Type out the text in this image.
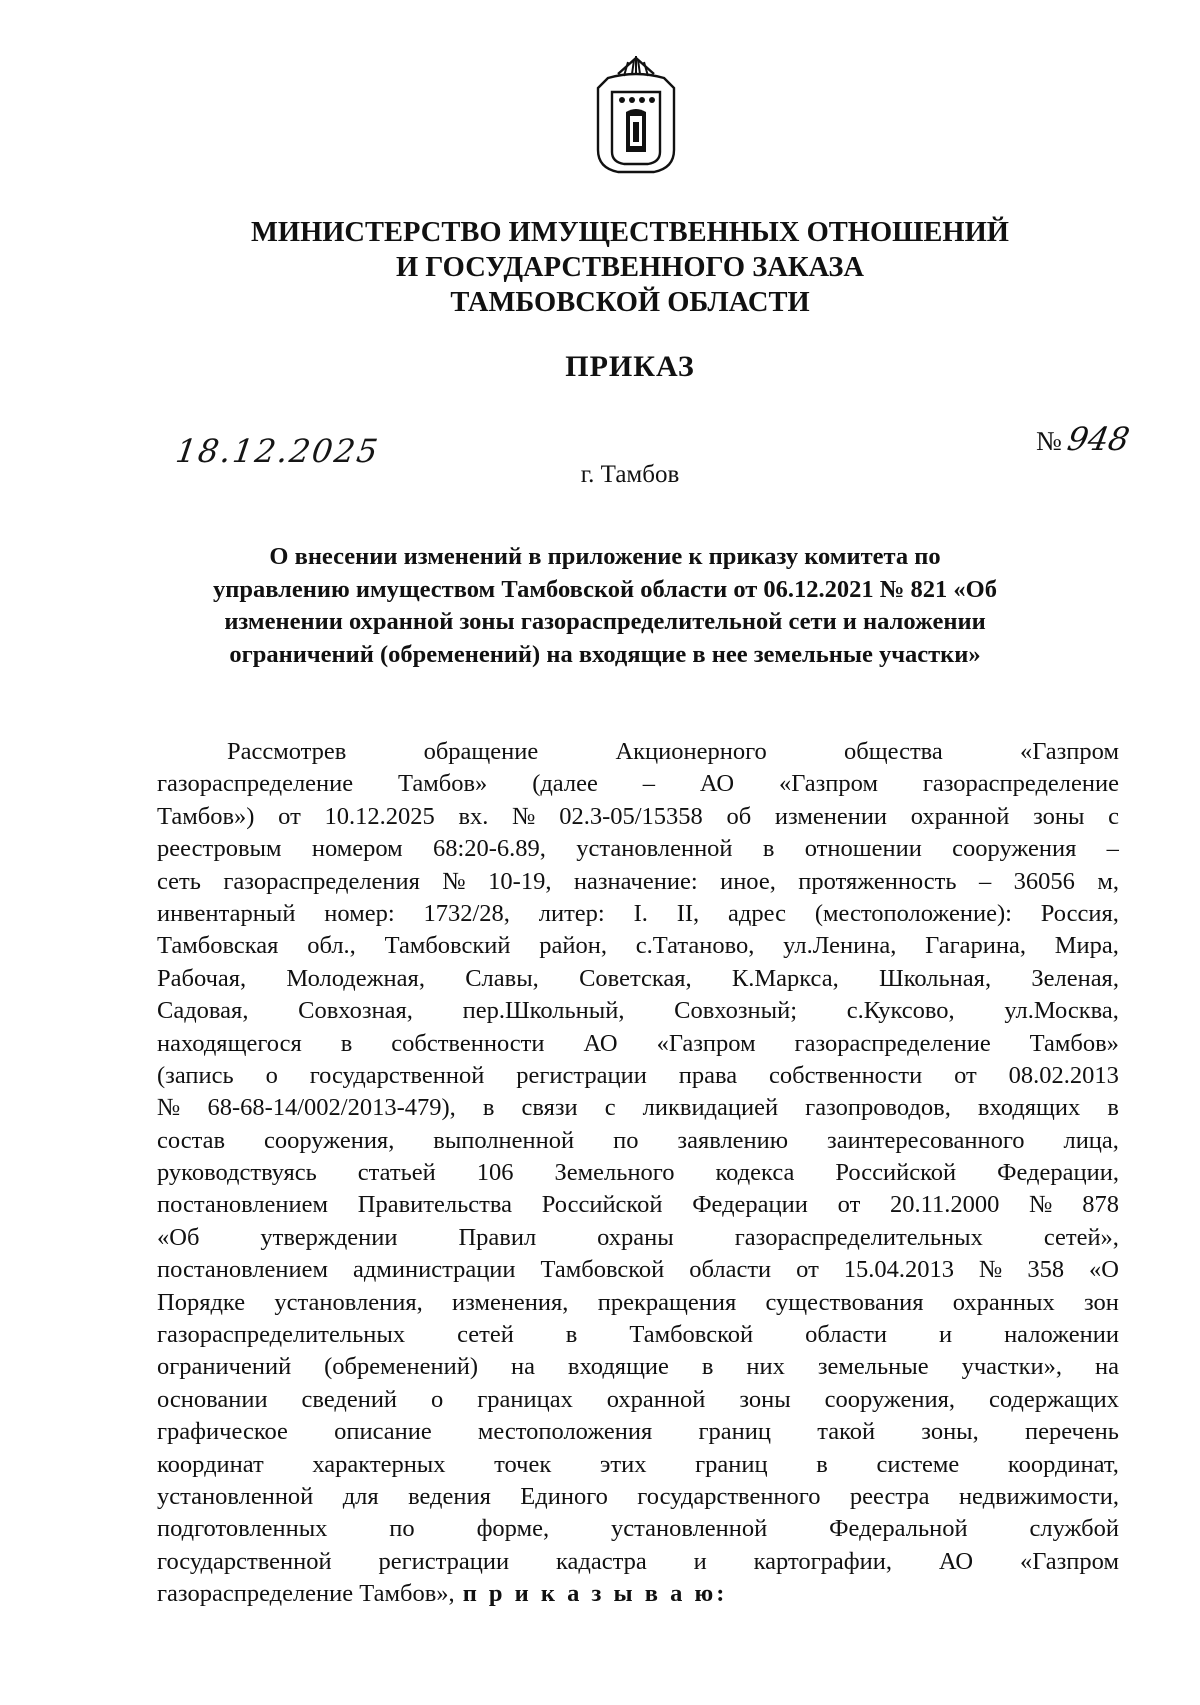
МИНИСТЕРСТВО ИМУЩЕСТВЕННЫХ ОТНОШЕНИЙ
И ГОСУДАРСТВЕННОГО ЗАКАЗА
ТАМБОВСКОЙ ОБЛАСТИ
ПРИКАЗ
18.12.2025	№948
г. Тамбов
О внесении изменений в приложение к приказу комитета по
управлению имуществом Тамбовской области от 06.12.2021 № 821 «Об
изменении охранной зоны газораспределительной сети и наложении
ограничений (обременений) на входящие в нее земельные участки»
Рассмотрев	обращение	Акционерного	общества	«Газпром
газораспределение Тамбов» (далее – АО «Газпром газораспределение
Тамбов») от 10.12.2025 вх. № 02.3-05/15358 об изменении охранной зоны с
реестровым номером 68:20-6.89, установленной в отношении сооружения –
сеть газораспределения № 10-19, назначение: иное, протяженность – 36056 м,
инвентарный номер: 1732/28, литер: I. II, адрес (местоположение): Россия,
Тамбовская обл., Тамбовский район, с.Татаново, ул.Ленина, Гагарина, Мира,
Рабочая, Молодежная, Славы, Советская, К.Маркса, Школьная, Зеленая,
Садовая, Совхозная, пер.Школьный, Совхозный; с.Куксово, ул.Москва,
находящегося в собственности АО «Газпром газораспределение Тамбов»
(запись о государственной регистрации права собственности от 08.02.2013
№ 68-68-14/002/2013-479), в связи с ликвидацией газопроводов, входящих в
состав сооружения, выполненной по заявлению заинтересованного лица,
руководствуясь статьей 106 Земельного кодекса Российской Федерации,
постановлением Правительства Российской Федерации от 20.11.2000 № 878
«Об утверждении Правил охраны газораспределительных сетей»,
постановлением администрации Тамбовской области от 15.04.2013 № 358 «О
Порядке установления, изменения, прекращения существования охранных зон
газораспределительных сетей в Тамбовской области и наложении
ограничений (обременений) на входящие в них земельные участки», на
основании сведений о границах охранной зоны сооружения, содержащих
графическое описание местоположения границ такой зоны, перечень
координат характерных точек этих границ в системе координат,
установленной для ведения Единого государственного реестра недвижимости,
подготовленных	по	форме,	установленной	Федеральной	службой
государственной регистрации кадастра и картографии, АО «Газпром
газораспределение Тамбов», п р и к а з ы в а ю:
